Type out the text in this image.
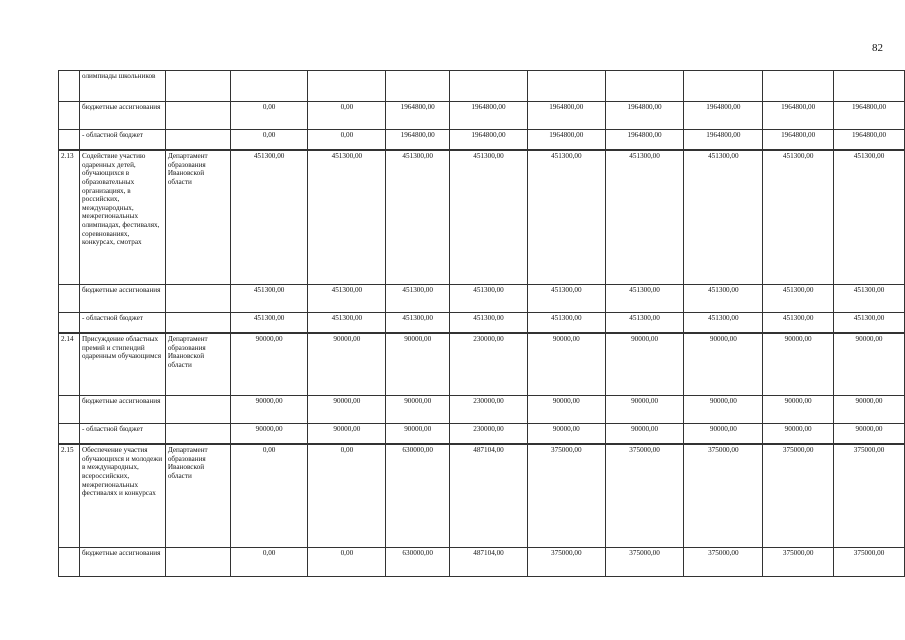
82
	олимпиады школьников										
	бюджетные ассигнования		0,00	0,00	1964800,00	1964800,00	1964800,00	1964800,00	1964800,00	1964800,00	1964800,00
	- областной бюджет		0,00	0,00	1964800,00	1964800,00	1964800,00	1964800,00	1964800,00	1964800,00	1964800,00
2.13	Содействие участию одаренных детей, обучающихся в образовательных организациях, в российских, международных, межрегиональных олимпиадах, фестивалях, соревнованиях, конкурсах, смотрах	Департамент образования Ивановской области	451300,00	451300,00	451300,00	451300,00	451300,00	451300,00	451300,00	451300,00	451300,00
	бюджетные ассигнования		451300,00	451300,00	451300,00	451300,00	451300,00	451300,00	451300,00	451300,00	451300,00
	- областной бюджет		451300,00	451300,00	451300,00	451300,00	451300,00	451300,00	451300,00	451300,00	451300,00
2.14	Присуждение областных премий и стипендий одаренным обучающимся	Департамент образования Ивановской области	90000,00	90000,00	90000,00	230000,00	90000,00	90000,00	90000,00	90000,00	90000,00
	бюджетные ассигнования		90000,00	90000,00	90000,00	230000,00	90000,00	90000,00	90000,00	90000,00	90000,00
	- областной бюджет		90000,00	90000,00	90000,00	230000,00	90000,00	90000,00	90000,00	90000,00	90000,00
2.15	Обеспечение участия обучающихся и молодежи в международных, всероссийских, межрегиональных фестивалях и конкурсах	Департамент образования Ивановской области	0,00	0,00	630000,00	487104,00	375000,00	375000,00	375000,00	375000,00	375000,00
	бюджетные ассигнования		0,00	0,00	630000,00	487104,00	375000,00	375000,00	375000,00	375000,00	375000,00
